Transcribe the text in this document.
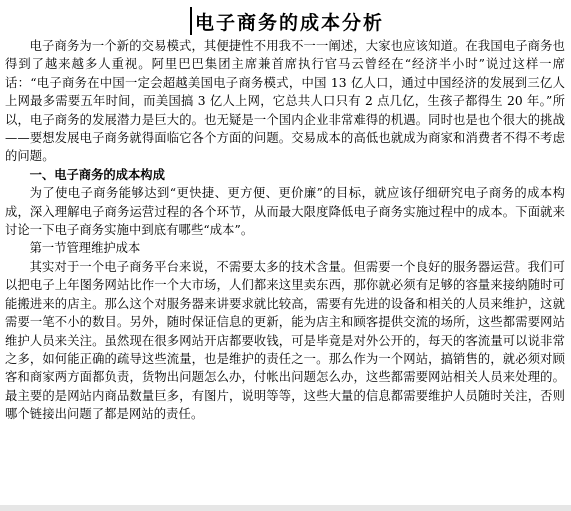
电子商务的成本分析

电子商务为一个新的交易模式，其便捷性不用我不一一阐述，大家也应该知道。在我国电子商务也得到了越来越多人重视。阿里巴巴集团主席兼首席执行官马云曾经在“经济半小时”说过这样一席话：“电子商务在中国一定会超越美国电子商务模式，中国 13 亿人口，通过中国经济的发展到三亿人上网最多需要五年时间，而美国搞 3 亿人上网，它总共人口只有 2 点几亿，生孩子都得生 20 年。”所以，电子商务的发展潜力是巨大的。也无疑是一个国内企业非常难得的机遇。同时也是也个很大的挑战——要想发展电子商务就得面临它各个方面的问题。交易成本的高低也就成为商家和消费者不得不考虑的问题。

一、电子商务的成本构成

为了使电子商务能够达到“更快捷、更方便、更价廉”的目标，就应该仔细研究电子商务的成本构成，深入理解电子商务运营过程的各个环节，从而最大限度降低电子商务实施过程中的成本。下面就来讨论一下电子商务实施中到底有哪些“成本”。

第一节管理维护成本

其实对于一个电子商务平台来说，不需要太多的技术含量。但需要一个良好的服务器运营。我们可以把电子上年图务网站比作一个大市场，人们都来这里卖东西，那你就必须有足够的容量来接纳随时可能搬进来的店主。那么这个对服务器来讲要求就比较高，需要有先进的设备和相关的人员来维护，这就需要一笔不小的数目。另外，随时保证信息的更新，能为店主和顾客提供交流的场所，这些都需要网站维护人员来关注。虽然现在很多网站开店都要收钱，可是毕竟是对外公开的，每天的客流量可以说非常之多，如何能正确的疏导这些流量，也是维护的责任之一。那么作为一个网站，搞销售的，就必须对顾客和商家两方面都负责，货物出问题怎么办，付帐出问题怎么办，这些都需要网站相关人员来处理的。最主要的是网站内商品数量巨多，有图片，说明等等，这些大量的信息都需要维护人员随时关注，否则哪个链接出问题了都是网站的责任。
